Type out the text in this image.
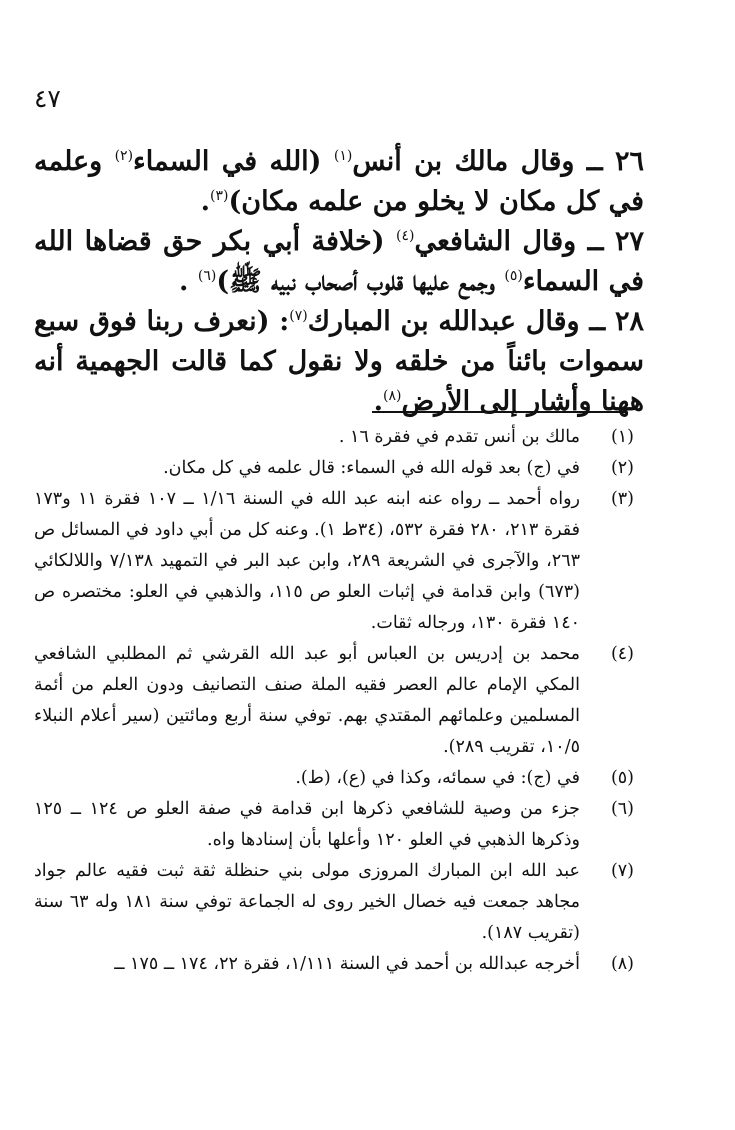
٤٧

٢٦ ــ وقال مالك بن أنس$^{(١)}$ (الله في السماء$^{(٢)}$ وعلمه في كل مكان لا يخلو من علمه مكان)$^{(٣)}$.

٢٧ ــ وقال الشافعي$^{(٤)}$ (خلافة أبي بكر حق قضاها الله في السماء$^{(٥)}$ وجمع عليها قلوب أصحاب نبيه ﷺ)$^{(٦)}$ .

٢٨ ــ وقال عبدالله بن المبارك$^{(٧)}$: (نعرف ربنا فوق سبع سموات بائناً من خلقه ولا نقول كما قالت الجهمية أنه ههنا وأشار إلى الأرض$^{(٨)}$.

(١)
مالك بن أنس تقدم في فقرة ١٦ .
(٢)
في (ج) بعد قوله الله في السماء: قال علمه في كل مكان.
(٣)
رواه أحمد ــ رواه عنه ابنه عبد الله في السنة ١/١٦ ــ ١٠٧ فقرة ١١ و١٧٣ فقرة ٢١٣، ٢٨٠ فقرة ٥٣٢، (٣٤ط ١). وعنه كل من أبي داود في المسائل ص ٢٦٣، والآجرى في الشريعة ٢٨٩، وابن عبد البر في التمهيد ٧/١٣٨ واللالكائي (٦٧٣) وابن قدامة في إثبات العلو ص ١١٥، والذهبي في العلو: مختصره ص ١٤٠ فقرة ١٣٠، ورجاله ثقات.
(٤)
محمد بن إدريس بن العباس أبو عبد الله القرشي ثم المطلبي الشافعي المكي الإمام عالم العصر فقيه الملة صنف التصانيف ودون العلم من أئمة المسلمين وعلمائهم المقتدي بهم. توفي سنة أربع ومائتين (سير أعلام النبلاء ١٠/٥، تقريب ٢٨٩).
(٥)
في (ج): في سمائه، وكذا في (ع)، (ط).
(٦)
جزء من وصية للشافعي ذكرها ابن قدامة في صفة العلو ص ١٢٤ ــ ١٢٥ وذكرها الذهبي في العلو ١٢٠ وأعلها بأن إسنادها واه.
(٧)
عبد الله ابن المبارك المروزى مولى بني حنظلة ثقة ثبت فقيه عالم جواد مجاهد جمعت فيه خصال الخير روى له الجماعة توفي سنة ١٨١ وله ٦٣ سنة (تقريب ١٨٧).
(٨)
أخرجه عبدالله بن أحمد في السنة ١/١١١، فقرة ٢٢، ١٧٤ ــ ١٧٥ ــ
